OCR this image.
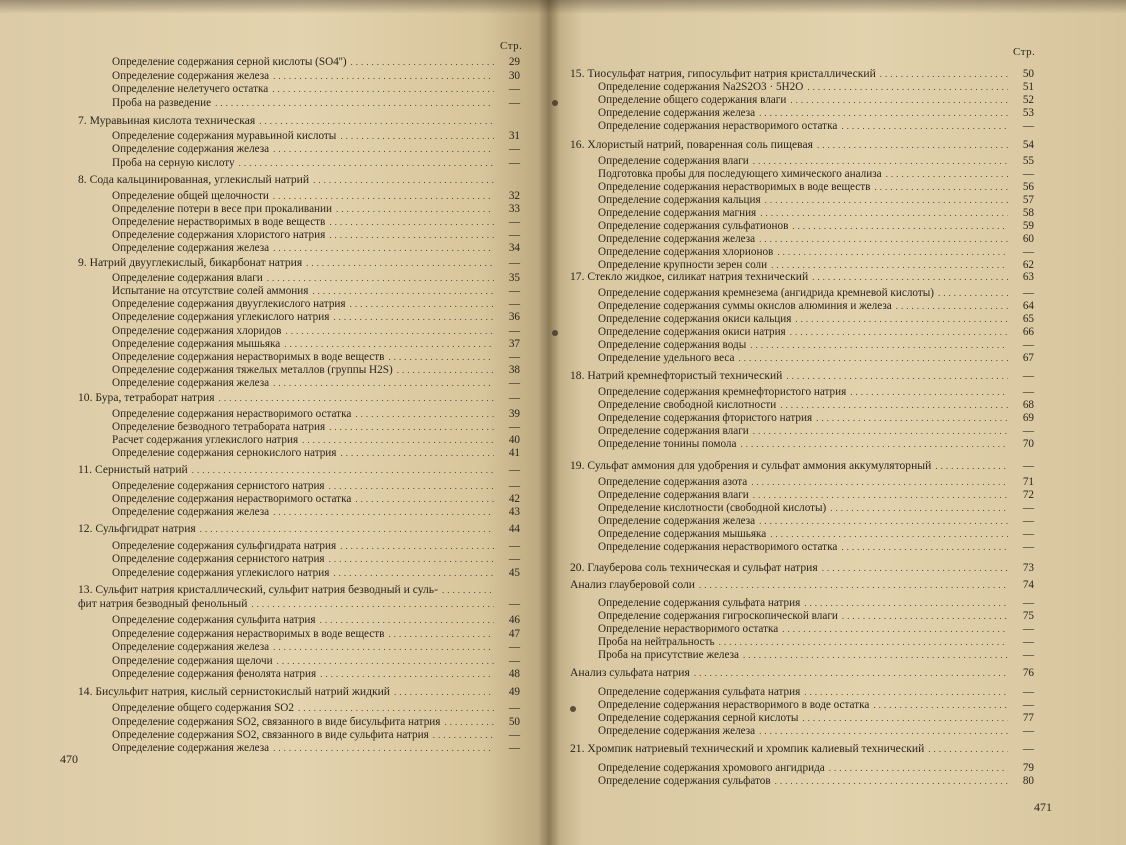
Стр.
Определение содержания серной кислоты (SO4'') .....	29
Определение содержания железа .....	30
Определение нелетучего остатка .....	—
Проба на разведение .....	—
7. Муравьиная кислота техническая
.....
Определение содержания муравьиной кислоты .....	31
Определение содержания железа .....	—
Проба на серную кислоту .....	—
8. Сода кальцинированная, углекислый натрий
.....
Определение общей щелочности .....	32
Определение потери в весе при прокаливании .....	33
Определение нерастворимых в воде веществ .....	—
Определение содержания хлористого натрия .....	—
Определение содержания железа .....	34
9. Натрий двууглекислый, бикарбонат натрия .....	—
Определение содержания влаги .....	35
Испытание на отсутствие солей аммония .....	—
Определение содержания двууглекислого натрия .....	—
Определение содержания углекислого натрия .....	36
Определение содержания хлоридов .....	—
Определение содержания мышьяка .....	37
Определение содержания нерастворимых в воде веществ .....	—
Определение содержания тяжелых металлов (группы H2S) .....	38
Определение содержания железа .....	—
10. Бура, тетраборат натрия .....	—
Определение содержания нерастворимого остатка .....	39
Определение безводного тетрабората натрия .....	—
Расчет содержания углекислого натрия .....	40
Определение содержания сернокислого натрия .....	41
11. Сернистый натрий .....	—
Определение содержания сернистого натрия .....	—
Определение содержания нерастворимого остатка .....	42
Определение содержания железа .....	43
12. Сульфгидрат натрия .....	44
Определение содержания сульфгидрата натрия .....	—
Определение содержания сернистого натрия .....	—
Определение содержания углекислого натрия .....	45
13. Сульфит натрия кристаллический, сульфит натрия безводный и суль-
.....
фит натрия безводный фенольный .....	—
Определение содержания сульфита натрия .....	46
Определение содержания нерастворимых в воде веществ .....	47
Определение содержания железа .....	—
Определение содержания щелочи .....	—
Определение содержания фенолята натрия .....	48
14. Бисульфит натрия, кислый сернистокислый натрий жидкий .....	49
Определение общего содержания SO2 .....	—
Определение содержания SO2, связанного в виде бисульфита натрия .....	50
Определение содержания SO2, связанного в виде сульфита натрия .....	—
Определение содержания железа .....	—
470
Стр.
15. Тиосульфат натрия, гипосульфит натрия кристаллический .....	50
Определение содержания Na2S2O3 · 5H2O .....	51
Определение общего содержания влаги .....	52
Определение содержания железа .....	53
Определение содержания нерастворимого остатка .....	—
16. Хлористый натрий, поваренная соль пищевая .....	54
Определение содержания влаги .....	55
Подготовка пробы для последующего химического анализа .....	—
Определение содержания нерастворимых в воде веществ .....	56
Определение содержания кальция .....	57
Определение содержания магния .....	58
Определение содержания сульфатионов .....	59
Определение содержания железа .....	60
Определение содержания хлорионов .....	—
Определение крупности зерен соли .....	62
17. Стекло жидкое, силикат натрия технический .....	63
Определение содержания кремнезема (ангидрида кремневой кислоты) .....	—
Определение содержания суммы окислов алюминия и железа .....	64
Определение содержания окиси кальция .....	65
Определение содержания окиси натрия .....	66
Определение содержания воды .....	—
Определение удельного веса .....	67
18. Натрий кремнефтористый технический .....	—
Определение содержания кремнефтористого натрия .....	—
Определение свободной кислотности .....	68
Определение содержания фтористого натрия .....	69
Определение содержания влаги .....	—
Определение тонины помола .....	70
19. Сульфат аммония для удобрения и сульфат аммония аккумуляторный .....	—
Определение содержания азота .....	71
Определение содержания влаги .....	72
Определение кислотности (свободной кислоты) .....	—
Определение содержания железа .....	—
Определение содержания мышьяка .....	—
Определение содержания нерастворимого остатка .....	—
20. Глауберова соль техническая и сульфат натрия .....	73
Анализ глауберовой соли .....	74
Определение содержания сульфата натрия .....	—
Определение содержания гигроскопической влаги .....	75
Определение нерастворимого остатка .....	—
Проба на нейтральность .....	—
Проба на присутствие железа .....	—
Анализ сульфата натрия .....	76
Определение содержания сульфата натрия .....	—
Определение содержания нерастворимого в воде остатка .....	—
Определение содержания серной кислоты .....	77
Определение содержания железа .....	—
21. Хромпик натриевый технический и хромпик калиевый технический .....	—
Определение содержания хромового ангидрида .....	79
Определение содержания сульфатов .....	80
471
